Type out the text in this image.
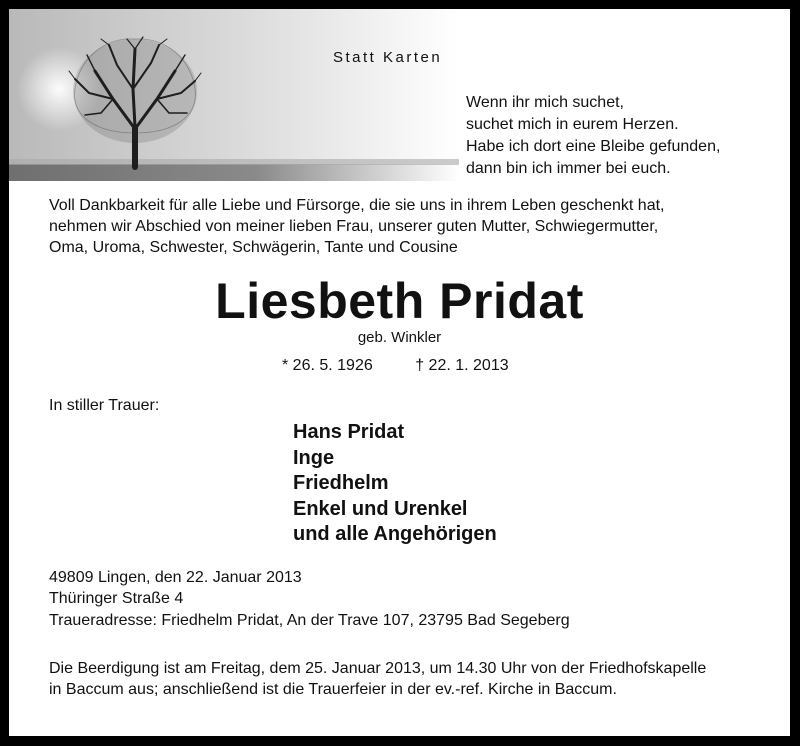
Statt Karten
Wenn ihr mich suchet,
suchet mich in eurem Herzen.
Habe ich dort eine Bleibe gefunden,
dann bin ich immer bei euch.
Voll Dankbarkeit für alle Liebe und Fürsorge, die sie uns in ihrem Leben geschenkt hat,
nehmen wir Abschied von meiner lieben Frau, unserer guten Mutter, Schwiegermutter,
Oma, Uroma, Schwester, Schwägerin, Tante und Cousine
Liesbeth Pridat
geb. Winkler
* 26. 5. 1926	† 22. 1. 2013
In stiller Trauer:
Hans Pridat
Inge
Friedhelm
Enkel und Urenkel
und alle Angehörigen
49809 Lingen, den 22. Januar 2013
Thüringer Straße 4
Traueradresse: Friedhelm Pridat, An der Trave 107, 23795 Bad Segeberg
Die Beerdigung ist am Freitag, dem 25. Januar 2013, um 14.30 Uhr von der Friedhofskapelle
in Baccum aus; anschließend ist die Trauerfeier in der ev.-ref. Kirche in Baccum.
